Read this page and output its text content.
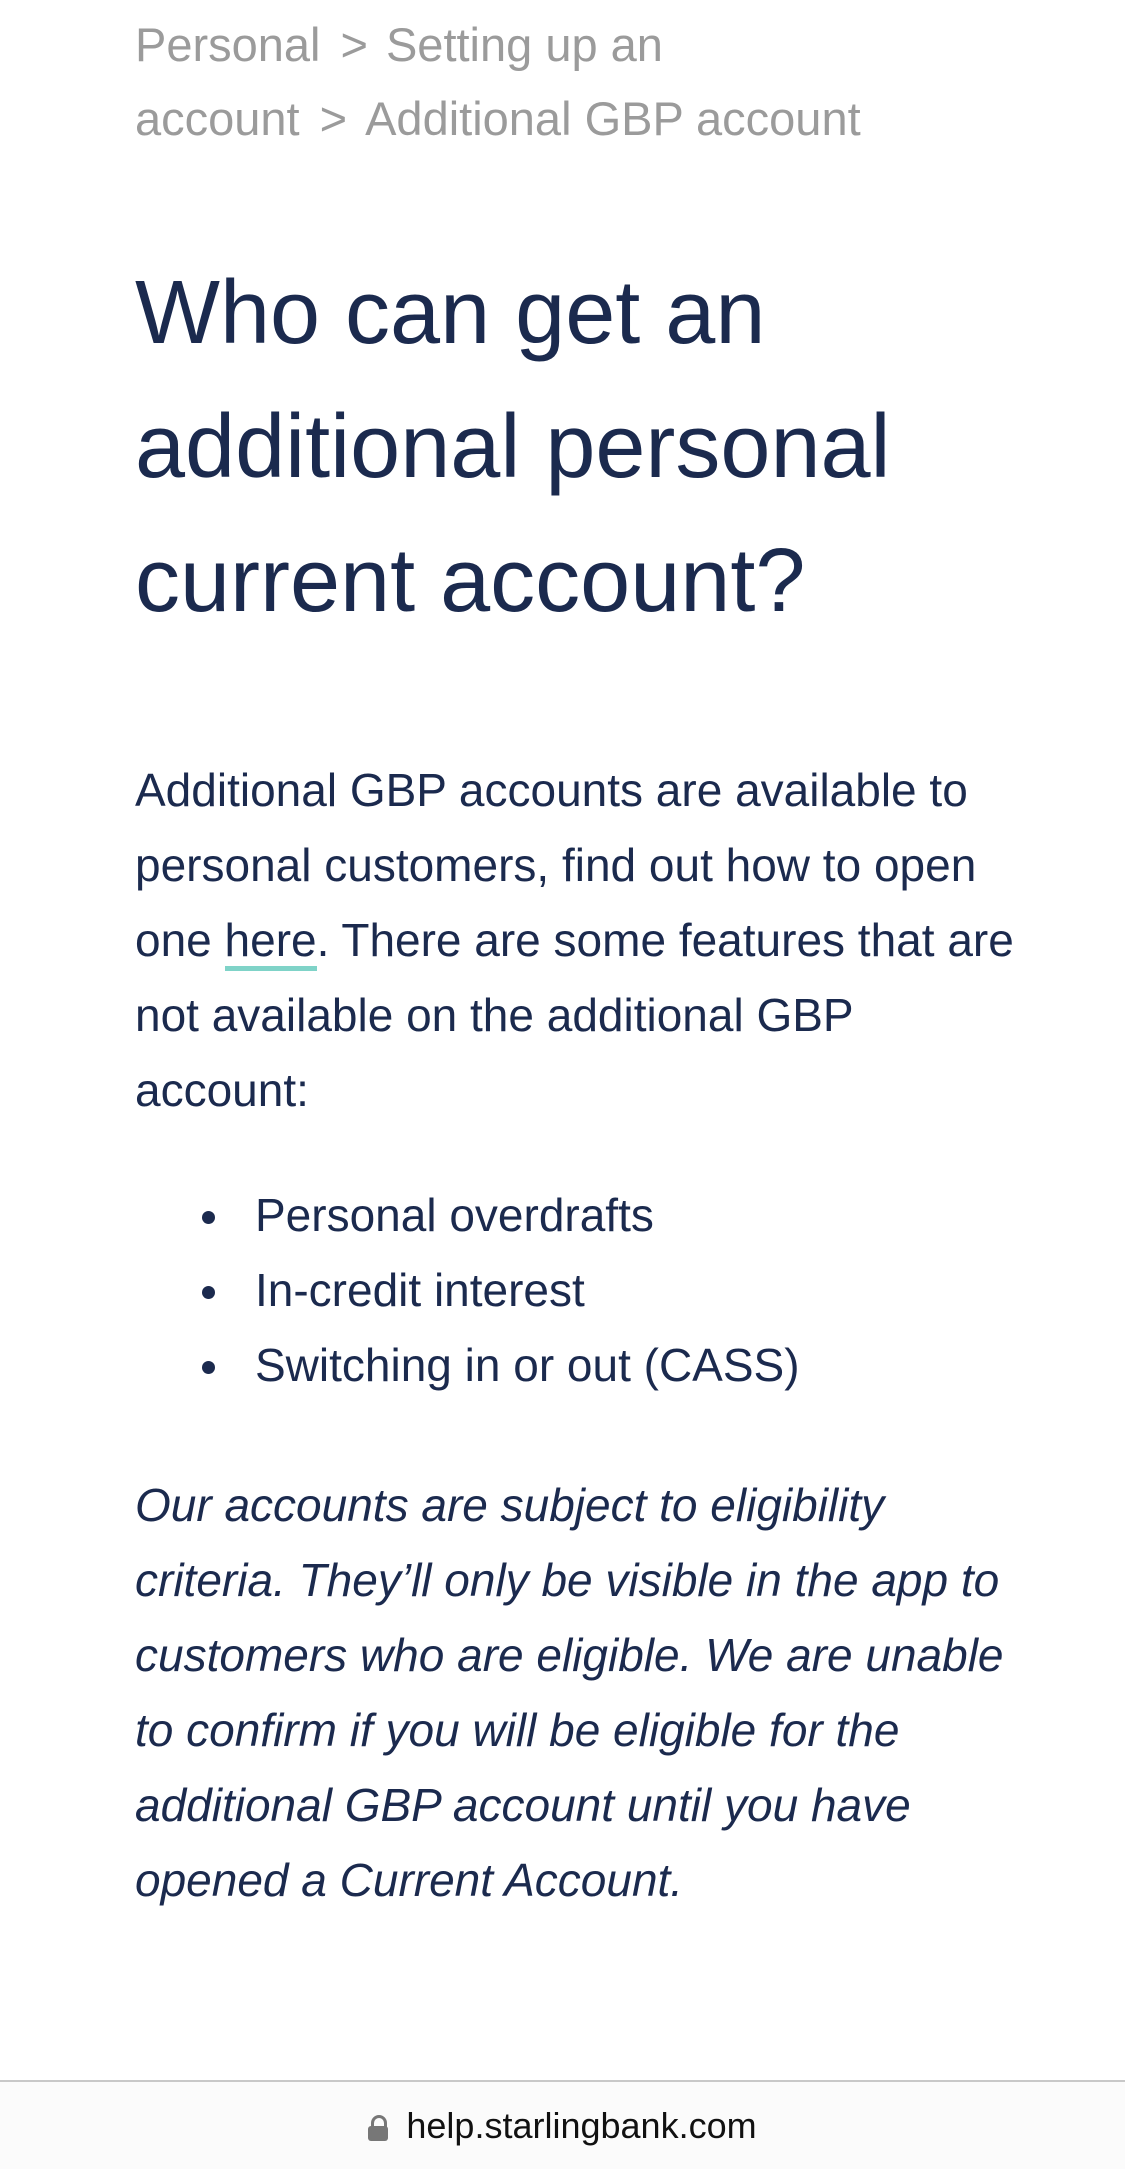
Personal > Setting up an account > Additional GBP account
Who can get an additional personal current account?

Additional GBP accounts are available to personal customers, find out how to open one here. There are some features that are not available on the additional GBP account:

Personal overdrafts
In-credit interest
Switching in or out (CASS)

Our accounts are subject to eligibility criteria. They’ll only be visible in the app to customers who are eligible. We are unable to confirm if you will be eligible for the additional GBP account until you have opened a Current Account.

help.starlingbank.com
